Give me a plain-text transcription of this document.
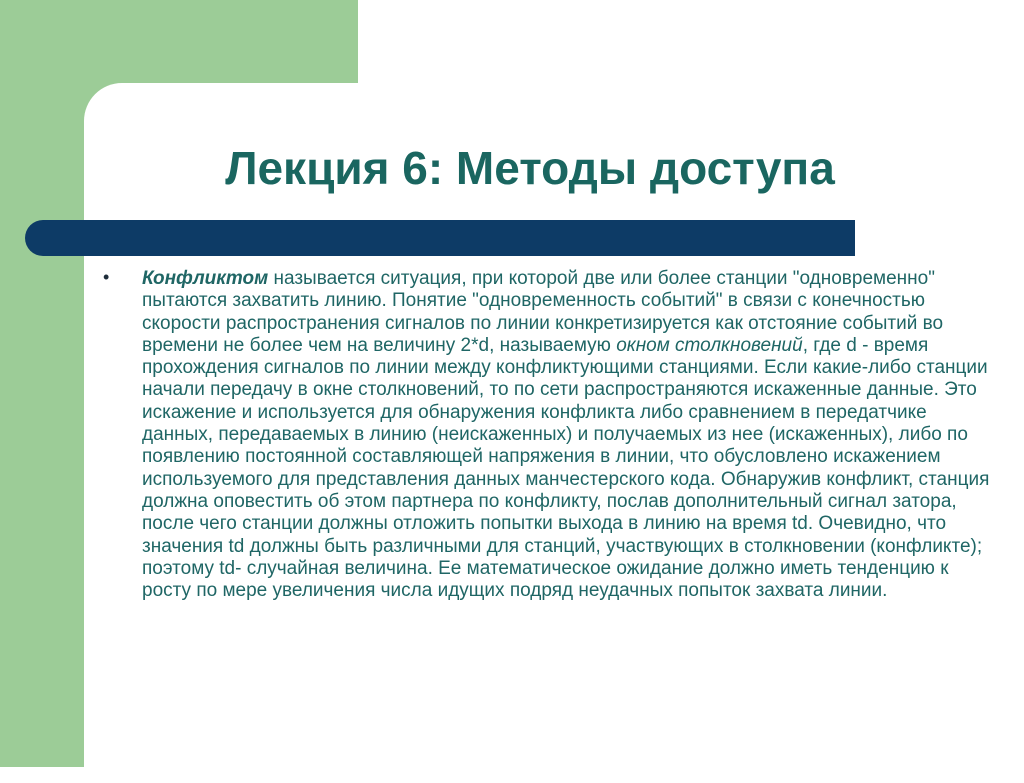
Лекция 6: Методы доступа
• Конфликтом называется ситуация, при которой две или более станции "одновременно" пытаются захватить линию. Понятие "одновременность событий" в связи с конечностью скорости распространения сигналов по линии конкретизируется как отстояние событий во времени не более чем на величину 2*d, называемую окном столкновений, где d - время прохождения сигналов по линии между конфликтующими станциями. Если какие-либо станции начали передачу в окне столкновений, то по сети распространяются искаженные данные. Это искажение и используется для обнаружения конфликта либо сравнением в передатчике данных, передаваемых в линию (неискаженных) и получаемых из нее (искаженных), либо по появлению постоянной составляющей напряжения в линии, что обусловлено искажением используемого для представления данных манчестерского кода. Обнаружив конфликт, станция должна оповестить об этом партнера по конфликту, послав дополнительный сигнал затора, после чего станции должны отложить попытки выхода в линию на время td. Очевидно, что значения td должны быть различными для станций, участвующих в столкновении (конфликте); поэтому td- случайная величина. Ее математическое ожидание должно иметь тенденцию к росту по мере увеличения числа идущих подряд неудачных попыток захвата линии.
